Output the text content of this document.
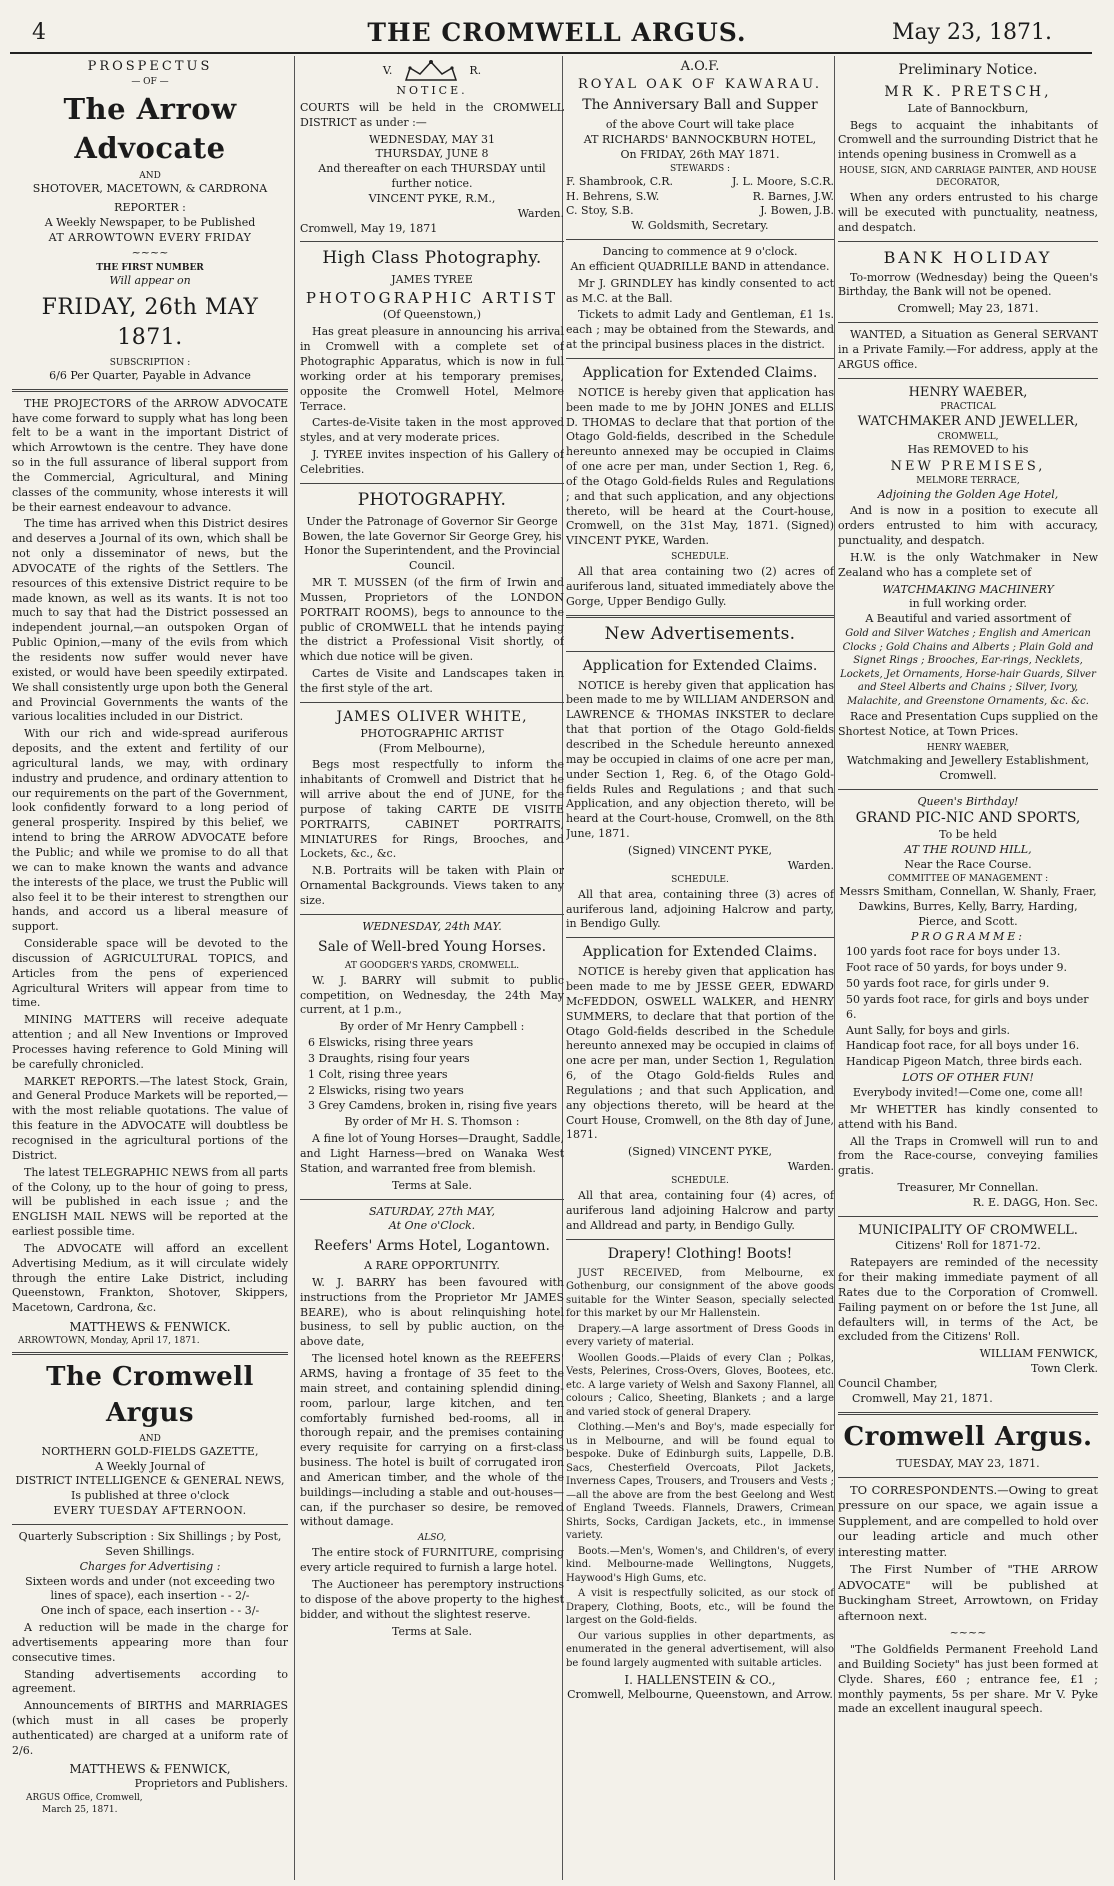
4	THE CROMWELL ARGUS.	May 23, 1871.
PROSPECTUS
— OF —
The Arrow Advocate
AND
SHOTOVER, MACETOWN, & CARDRONA
REPORTER :
A Weekly Newspaper, to be Published
AT ARROWTOWN EVERY FRIDAY
~~~~
THE FIRST NUMBER
Will appear on
FRIDAY, 26th MAY 1871.
SUBSCRIPTION :
6/6 Per Quarter, Payable in Advance
THE PROJECTORS of the ARROW ADVOCATE have come forward to supply what has long been felt to be a want in the important District of which Arrowtown is the centre. They have done so in the full assurance of liberal support from the Commercial, Agricultural, and Mining classes of the community, whose interests it will be their earnest endeavour to advance.
The time has arrived when this District desires and deserves a Journal of its own, which shall be not only a disseminator of news, but the ADVOCATE of the rights of the Settlers. The resources of this extensive District require to be made known, as well as its wants. It is not too much to say that had the District possessed an independent journal,—an outspoken Organ of Public Opinion,—many of the evils from which the residents now suffer would never have existed, or would have been speedily extirpated. We shall consistently urge upon both the General and Provincial Governments the wants of the various localities included in our District.
With our rich and wide-spread auriferous deposits, and the extent and fertility of our agricultural lands, we may, with ordinary industry and prudence, and ordinary attention to our requirements on the part of the Government, look confidently forward to a long period of general prosperity. Inspired by this belief, we intend to bring the ARROW ADVOCATE before the Public; and while we promise to do all that we can to make known the wants and advance the interests of the place, we trust the Public will also feel it to be their interest to strengthen our hands, and accord us a liberal measure of support.
Considerable space will be devoted to the discussion of AGRICULTURAL TOPICS, and Articles from the pens of experienced Agricultural Writers will appear from time to time.
MINING MATTERS will receive adequate attention ; and all New Inventions or Improved Processes having reference to Gold Mining will be carefully chronicled.
MARKET REPORTS.—The latest Stock, Grain, and General Produce Markets will be reported,—with the most reliable quotations. The value of this feature in the ADVOCATE will doubtless be recognised in the agricultural portions of the District.
The latest TELEGRAPHIC NEWS from all parts of the Colony, up to the hour of going to press, will be published in each issue ; and the ENGLISH MAIL NEWS will be reported at the earliest possible time.
The ADVOCATE will afford an excellent Advertising Medium, as it will circulate widely through the entire Lake District, including Queenstown, Frankton, Shotover, Skippers, Macetown, Cardrona, &c.
MATTHEWS & FENWICK.
ARROWTOWN, Monday, April 17, 1871.
The Cromwell Argus
AND
NORTHERN GOLD-FIELDS GAZETTE,
A Weekly Journal of
DISTRICT INTELLIGENCE & GENERAL NEWS,
Is published at three o'clock
EVERY TUESDAY AFTERNOON.
Quarterly Subscription : Six Shillings ; by Post, Seven Shillings.
Charges for Advertising :
Sixteen words and under (not exceeding two lines of space), each insertion - - 2/-
One inch of space, each insertion - - 3/-
A reduction will be made in the charge for advertisements appearing more than four consecutive times.
Standing advertisements according to agreement.
Announcements of BIRTHS and MARRIAGES (which must in all cases be properly authenticated) are charged at a uniform rate of 2/6.
MATTHEWS & FENWICK,
Proprietors and Publishers.
ARGUS Office, Cromwell,
March 25, 1871.
V.	R.
NOTICE.
COURTS will be held in the CROMWELL DISTRICT as under :—
WEDNESDAY, MAY 31
THURSDAY, JUNE 8
And thereafter on each THURSDAY until further notice.
VINCENT PYKE, R.M.,
Warden.
Cromwell, May 19, 1871
High Class Photography.
JAMES TYREE
PHOTOGRAPHIC ARTIST
(Of Queenstown,)
Has great pleasure in announcing his arrival in Cromwell with a complete set of Photographic Apparatus, which is now in full working order at his temporary premises, opposite the Cromwell Hotel, Melmore Terrace.
Cartes-de-Visite taken in the most approved styles, and at very moderate prices.
J. TYREE invites inspection of his Gallery of Celebrities.
PHOTOGRAPHY.
Under the Patronage of Governor Sir George Bowen, the late Governor Sir George Grey, his Honor the Superintendent, and the Provincial Council.
MR T. MUSSEN (of the firm of Irwin and Mussen, Proprietors of the LONDON PORTRAIT ROOMS), begs to announce to the public of CROMWELL that he intends paying the district a Professional Visit shortly, of which due notice will be given.
Cartes de Visite and Landscapes taken in the first style of the art.
JAMES OLIVER WHITE,
PHOTOGRAPHIC ARTIST
(From Melbourne),
Begs most respectfully to inform the inhabitants of Cromwell and District that he will arrive about the end of JUNE, for the purpose of taking CARTE DE VISITE PORTRAITS, CABINET PORTRAITS, MINIATURES for Rings, Brooches, and Lockets, &c., &c.
N.B. Portraits will be taken with Plain or Ornamental Backgrounds. Views taken to any size.
WEDNESDAY, 24th MAY.
Sale of Well-bred Young Horses.
AT GOODGER'S YARDS, CROMWELL.
W. J. BARRY will submit to public competition, on Wednesday, the 24th May current, at 1 p.m.,
By order of Mr Henry Campbell :
6 Elswicks, rising three years
3 Draughts, rising four years
1 Colt, rising three years
2 Elswicks, rising two years
3 Grey Camdens, broken in, rising five years
By order of Mr H. S. Thomson :
A fine lot of Young Horses—Draught, Saddle, and Light Harness—bred on Wanaka West Station, and warranted free from blemish.
Terms at Sale.
SATURDAY, 27th MAY,
At One o'Clock.
Reefers' Arms Hotel, Logantown.
A RARE OPPORTUNITY.
W. J. BARRY has been favoured with instructions from the Proprietor Mr JAMES BEARE), who is about relinquishing hotel business, to sell by public auction, on the above date,
The licensed hotel known as the REEFERS' ARMS, having a frontage of 35 feet to the main street, and containing splendid dining-room, parlour, large kitchen, and ten comfortably furnished bed-rooms, all in thorough repair, and the premises containing every requisite for carrying on a first-class business. The hotel is built of corrugated iron and American timber, and the whole of the buildings—including a stable and out-houses—can, if the purchaser so desire, be removed without damage.
ALSO,
The entire stock of FURNITURE, comprising every article required to furnish a large hotel.
The Auctioneer has peremptory instructions to dispose of the above property to the highest bidder, and without the slightest reserve.
Terms at Sale.
A.O.F.
ROYAL OAK OF KAWARAU.
The Anniversary Ball and Supper
of the above Court will take place
AT RICHARDS' BANNOCKBURN HOTEL,
On FRIDAY, 26th MAY 1871.
STEWARDS :
F. Shambrook, C.R.	J. L. Moore, S.C.R.
H. Behrens, S.W.	R. Barnes, J.W.
C. Stoy, S.B.	J. Bowen, J.B.
W. Goldsmith, Secretary.
Dancing to commence at 9 o'clock.
An efficient QUADRILLE BAND in attendance.
Mr J. GRINDLEY has kindly consented to act as M.C. at the Ball.
Tickets to admit Lady and Gentleman, £1 1s. each ; may be obtained from the Stewards, and at the principal business places in the district.
Application for Extended Claims.
NOTICE is hereby given that application has been made to me by JOHN JONES and ELLIS D. THOMAS to declare that that portion of the Otago Gold-fields, described in the Schedule hereunto annexed may be occupied in Claims of one acre per man, under Section 1, Reg. 6, of the Otago Gold-fields Rules and Regulations ; and that such application, and any objections thereto, will be heard at the Court-house, Cromwell, on the 31st May, 1871. (Signed) VINCENT PYKE, Warden.
SCHEDULE.
All that area containing two (2) acres of auriferous land, situated immediately above the Gorge, Upper Bendigo Gully.
New Advertisements.
Application for Extended Claims.
NOTICE is hereby given that application has been made to me by WILLIAM ANDERSON and LAWRENCE & THOMAS INKSTER to declare that that portion of the Otago Gold-fields described in the Schedule hereunto annexed may be occupied in claims of one acre per man, under Section 1, Reg. 6, of the Otago Gold-fields Rules and Regulations ; and that such Application, and any objection thereto, will be heard at the Court-house, Cromwell, on the 8th June, 1871.
(Signed) VINCENT PYKE,
Warden.
SCHEDULE.
All that area, containing three (3) acres of auriferous land, adjoining Halcrow and party, in Bendigo Gully.
Application for Extended Claims.
NOTICE is hereby given that application has been made to me by JESSE GEER, EDWARD McFEDDON, OSWELL WALKER, and HENRY SUMMERS, to declare that that portion of the Otago Gold-fields described in the Schedule hereunto annexed may be occupied in claims of one acre per man, under Section 1, Regulation 6, of the Otago Gold-fields Rules and Regulations ; and that such Application, and any objections thereto, will be heard at the Court House, Cromwell, on the 8th day of June, 1871.
(Signed) VINCENT PYKE,
Warden.
SCHEDULE.
All that area, containing four (4) acres, of auriferous land adjoining Halcrow and party and Alldread and party, in Bendigo Gully.
Drapery! Clothing! Boots!
JUST RECEIVED, from Melbourne, ex Gothenburg, our consignment of the above goods suitable for the Winter Season, specially selected for this market by our Mr Hallenstein.
Drapery.—A large assortment of Dress Goods in every variety of material.
Woollen Goods.—Plaids of every Clan ; Polkas, Vests, Pelerines, Cross-Overs, Gloves, Bootees, etc. etc. A large variety of Welsh and Saxony Flannel, all colours ; Calico, Sheeting, Blankets ; and a large and varied stock of general Drapery.
Clothing.—Men's and Boy's, made especially for us in Melbourne, and will be found equal to bespoke. Duke of Edinburgh suits, Lappelle, D.B. Sacs, Chesterfield Overcoats, Pilot Jackets, Inverness Capes, Trousers, and Trousers and Vests ;—all the above are from the best Geelong and West of England Tweeds. Flannels, Drawers, Crimean Shirts, Socks, Cardigan Jackets, etc., in immense variety.
Boots.—Men's, Women's, and Children's, of every kind. Melbourne-made Wellingtons, Nuggets, Haywood's High Gums, etc.
A visit is respectfully solicited, as our stock of Drapery, Clothing, Boots, etc., will be found the largest on the Gold-fields.
Our various supplies in other departments, as enumerated in the general advertisement, will also be found largely augmented with suitable articles.
I. HALLENSTEIN & CO.,
Cromwell, Melbourne, Queenstown, and Arrow.
Preliminary Notice.
MR K. PRETSCH,
Late of Bannockburn,
Begs to acquaint the inhabitants of Cromwell and the surrounding District that he intends opening business in Cromwell as a
HOUSE, SIGN, AND CARRIAGE PAINTER, AND HOUSE DECORATOR,
When any orders entrusted to his charge will be executed with punctuality, neatness, and despatch.
BANK HOLIDAY
To-morrow (Wednesday) being the Queen's Birthday, the Bank will not be opened.
Cromwell; May 23, 1871.
WANTED, a Situation as General SERVANT in a Private Family.—For address, apply at the ARGUS office.
HENRY WAEBER,
PRACTICAL
WATCHMAKER AND JEWELLER,
CROMWELL,
Has REMOVED to his
NEW PREMISES,
MELMORE TERRACE,
Adjoining the Golden Age Hotel,
And is now in a position to execute all orders entrusted to him with accuracy, punctuality, and despatch.
H.W. is the only Watchmaker in New Zealand who has a complete set of
WATCHMAKING MACHINERY
in full working order.
A Beautiful and varied assortment of
Gold and Silver Watches ; English and American Clocks ; Gold Chains and Alberts ; Plain Gold and Signet Rings ; Brooches, Ear-rings, Necklets, Lockets, Jet Ornaments, Horse-hair Guards, Silver and Steel Alberts and Chains ; Silver, Ivory, Malachite, and Greenstone Ornaments, &c. &c.
Race and Presentation Cups supplied on the Shortest Notice, at Town Prices.
HENRY WAEBER,
Watchmaking and Jewellery Establishment,
Cromwell.
Queen's Birthday!
GRAND PIC-NIC AND SPORTS,
To be held
AT THE ROUND HILL,
Near the Race Course.
COMMITTEE OF MANAGEMENT :
Messrs Smitham, Connellan, W. Shanly, Fraer, Dawkins, Burres, Kelly, Barry, Harding, Pierce, and Scott.
PROGRAMME:
100 yards foot race for boys under 13.
Foot race of 50 yards, for boys under 9.
50 yards foot race, for girls under 9.
50 yards foot race, for girls and boys under 6.
Aunt Sally, for boys and girls.
Handicap foot race, for all boys under 16.
Handicap Pigeon Match, three birds each.
LOTS OF OTHER FUN!
Everybody invited!—Come one, come all!
Mr WHETTER has kindly consented to attend with his Band.
All the Traps in Cromwell will run to and from the Race-course, conveying families gratis.
Treasurer, Mr Connellan.
R. E. DAGG, Hon. Sec.
MUNICIPALITY OF CROMWELL.
Citizens' Roll for 1871-72.
Ratepayers are reminded of the necessity for their making immediate payment of all Rates due to the Corporation of Cromwell. Failing payment on or before the 1st June, all defaulters will, in terms of the Act, be excluded from the Citizens' Roll.
WILLIAM FENWICK,
Town Clerk.
Council Chamber,
Cromwell, May 21, 1871.
Cromwell Argus.
TUESDAY, MAY 23, 1871.
TO CORRESPONDENTS.—Owing to great pressure on our space, we again issue a Supplement, and are compelled to hold over our leading article and much other interesting matter.
The First Number of "THE ARROW ADVOCATE" will be published at Buckingham Street, Arrowtown, on Friday afternoon next.
~~~~
"The Goldfields Permanent Freehold Land and Building Society" has just been formed at Clyde. Shares, £60 ; entrance fee, £1 ; monthly payments, 5s per share. Mr V. Pyke made an excellent inaugural speech.
